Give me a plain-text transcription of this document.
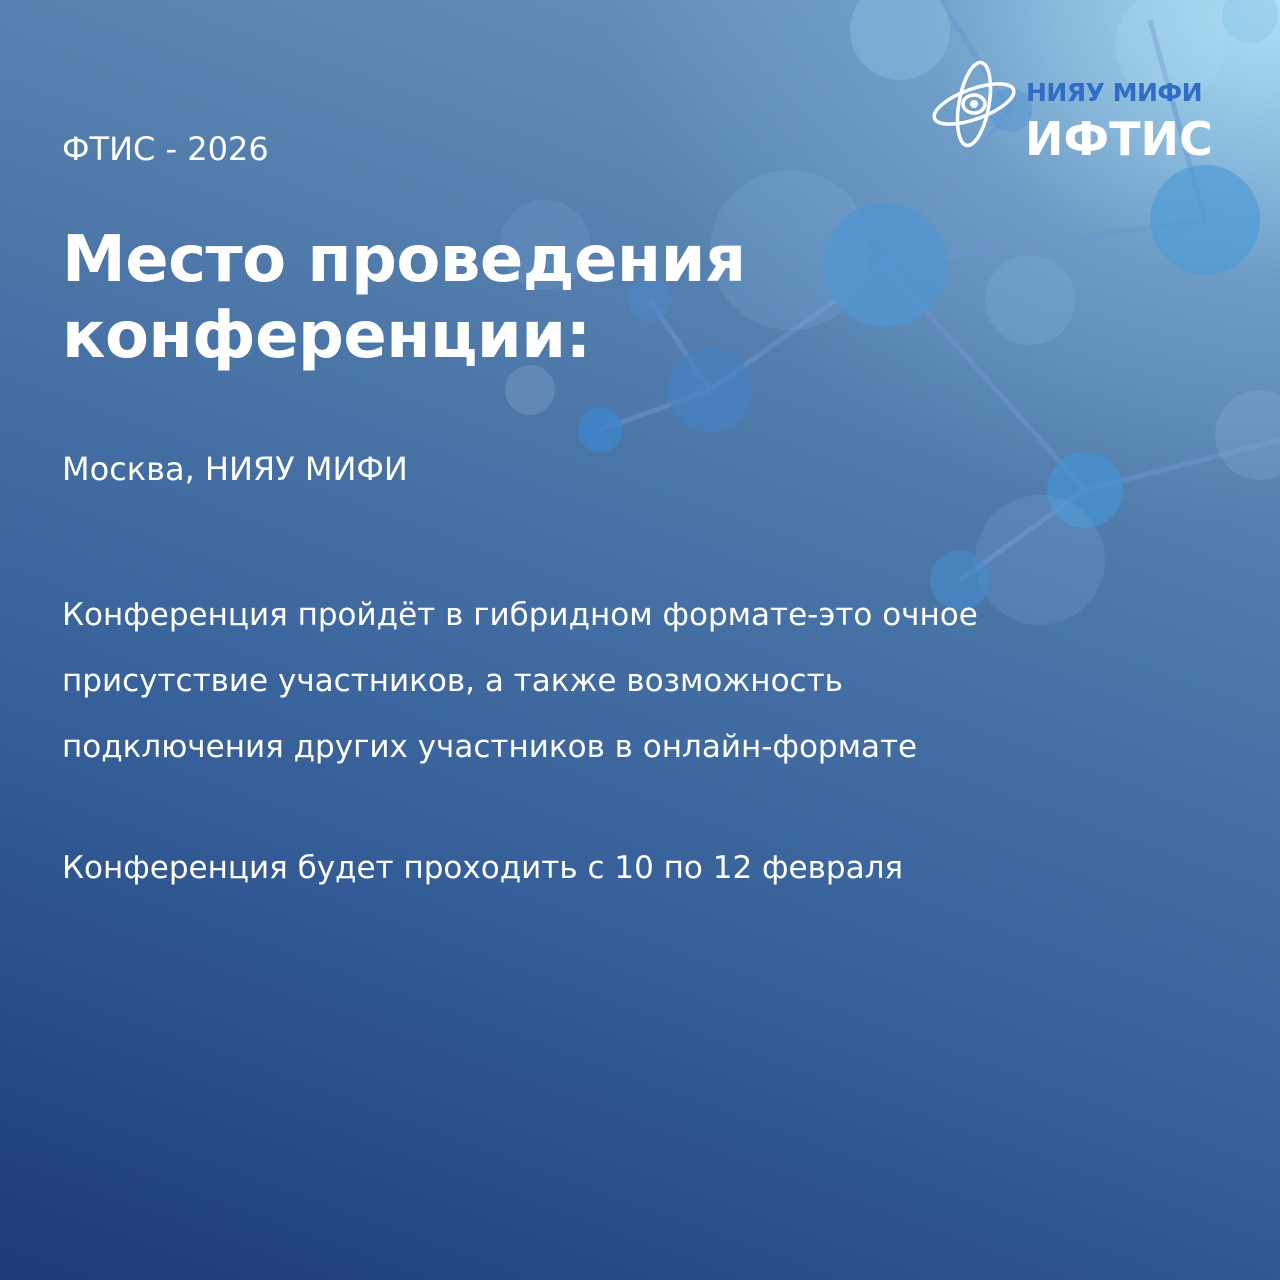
НИЯУ МИФИ
ИФТИС
ФТИС - 2026
Место проведения
конференции:
Москва, НИЯУ МИФИ
Конференция пройдёт в гибридном формате-это очное
присутствие участников, а также возможность
подключения других участников в онлайн-формате
Конференция будет проходить с 10 по 12 февраля
